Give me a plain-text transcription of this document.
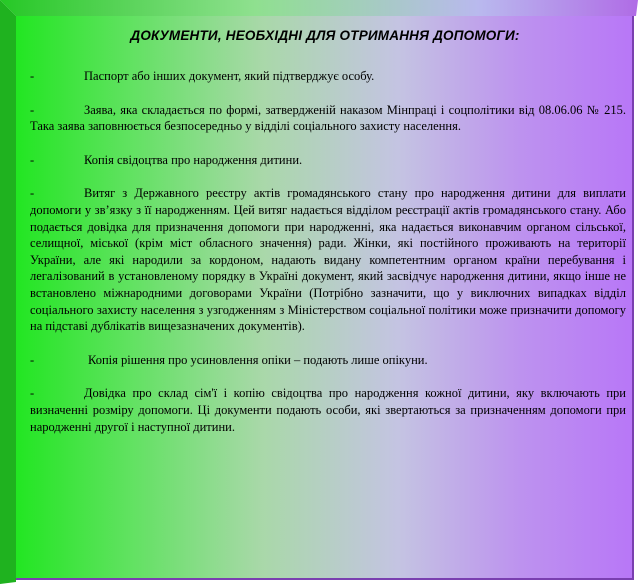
ДОКУМЕНТИ, НЕОБХІДНІ ДЛЯ ОТРИМАННЯ ДОПОМОГИ:

-	Паспорт або інших документ, який підтверджує особу.

-	Заява, яка складається по формі, затвердженій наказом Мінпраці і соцполітики від 08.06.06 № 215. Така заява заповнюється безпосередньо у відділі соціального захисту населення.

-	Копія свідоцтва про народження дитини.

-	Витяг з Державного реєстру актів громадянського стану про народження дитини для виплати допомоги у зв’язку з її народженням. Цей витяг надається відділом реєстрації актів громадянського стану. Або подається довідка для призначення допомоги при народженні, яка надається виконавчим органом сільської, селищної, міської (крім міст обласного значення) ради. Жінки, які постійного проживають на території України, але які народили за кордоном, надають видану компетентним органом країни перебування і легалізований в установленому порядку в Україні документ, який засвідчує народження дитини, якщо інше не встановлено міжнародними договорами України (Потрібно зазначити, що у виключних випадках відділ соціального захисту населення з узгодженням з Міністерством соціальної політики може призначити допомогу на підставі дублікатів вищезазначених документів).

-	Копія рішення про усиновлення опіки – подають лише опікуни.

-	Довідка про склад сім'ї і копію свідоцтва про народження кожної дитини, яку включають при визначенні розміру допомоги. Ці документи подають особи, які звертаються за призначенням допомоги при народженні другої і наступної дитини.
